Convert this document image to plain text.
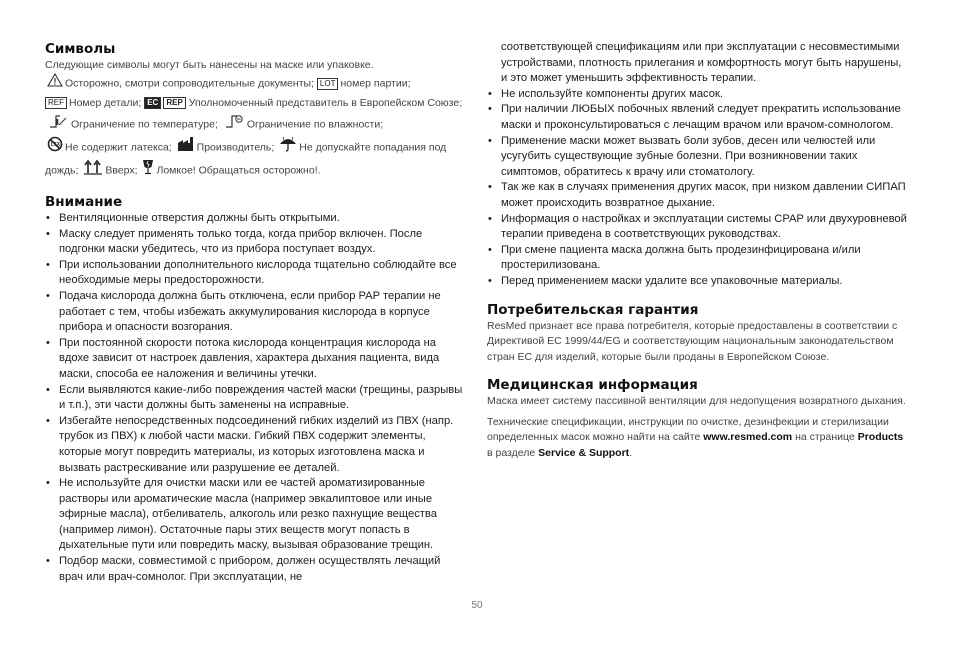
Символы

Следующие символы могут быть нанесены на маске или упаковке.

Осторожно, смотри сопроводительные документы; LOT номер партии;
REF Номер детали; EC REP Уполномоченный представитель в Европейском Союзе; Ограничение по температуре;	Ограничение по влажности;

LTX Не содержит латекса; Производитель; Не допускайте попадания под дождь;	Вверх; Ломкое! Обращаться осторожно!.

Внимание
• Вентиляционные отверстия должны быть открытыми.
• Маску следует применять только тогда, когда прибор включен. После подгонки маски убедитесь, что из прибора поступает воздух.
• При использовании дополнительного кислорода тщательно соблюдайте все необходимые меры предосторожности.
• Подача кислорода должна быть отключена, если прибор PAP терапии не работает с тем, чтобы избежать аккумулирования кислорода в корпусе прибора и опасности возгорания.
• При постоянной скорости потока кислорода концентрация кислорода на вдохе зависит от настроек давления, характера дыхания пациента, вида маски, способа ее наложения и величины утечки.
• Если выявляются какие-либо повреждения частей маски (трещины, разрывы и т.п.), эти части должны быть заменены на исправные.
• Избегайте непосредственных подсоединений гибких изделий из ПВХ (напр. трубок из ПВХ) к любой части маски. Гибкий ПВХ содержит элементы, которые могут повредить материалы, из которых изготовлена маска и вызвать растрескивание или разрушение ее деталей.
• Не используйте для очистки маски или ее частей ароматизированные растворы или ароматические масла (например эвкалиптовое или иные эфирные масла), отбеливатель, алкоголь или резко пахнущие вещества (например лимон). Остаточные пары этих веществ могут попасть в дыхательные пути или повредить маску, вызывая образование трещин.
• Подбор маски, совместимой с прибором, должен осуществлять лечащий врач или врач-сомнолог. При эксплуатации, не
соответствующей спецификациям или при эксплуатации с несовместимыми устройствами, плотность прилегания и комфортность могут быть нарушены, и это может уменьшить эффективность терапии.
• Не используйте компоненты других масок.
• При наличии ЛЮБЫХ побочных явлений следует прекратить использование маски и проконсультироваться с лечащим врачом или врачом-сомнологом.
• Применение маски может вызвать боли зубов, десен или челюстей или усугубить существующие зубные болезни. При возникновении таких симптомов, обратитесь к врачу или стоматологу.
• Так же как в случаях применения других масок, при низком давлении СИПАП может происходить возвратное дыхание.
• Информация о настройках и эксплуатации системы CPAP или двухуровневой терапии приведена в соответствующих руководствах.
• При смене пациента маска должна быть продезинфицирована и/или простерилизована.
• Перед применением маски удалите все упаковочные материалы.
Потребительская гарантия

ResMed признает все права потребителя, которые предоставлены в соответствии с Директивой ЕС 1999/44/EG и соответствующим национальным законодательством стран ЕС для изделий, которые были проданы в Европейском Союзе.

Медицинская информация

Маска имеет систему пассивной вентиляции для недопущения возвратного дыхания.

Технические спецификации, инструкции по очистке, дезинфекции и стерилизации определенных масок можно найти на сайте www.resmed.com на странице Products в разделе Service & Support.

50
